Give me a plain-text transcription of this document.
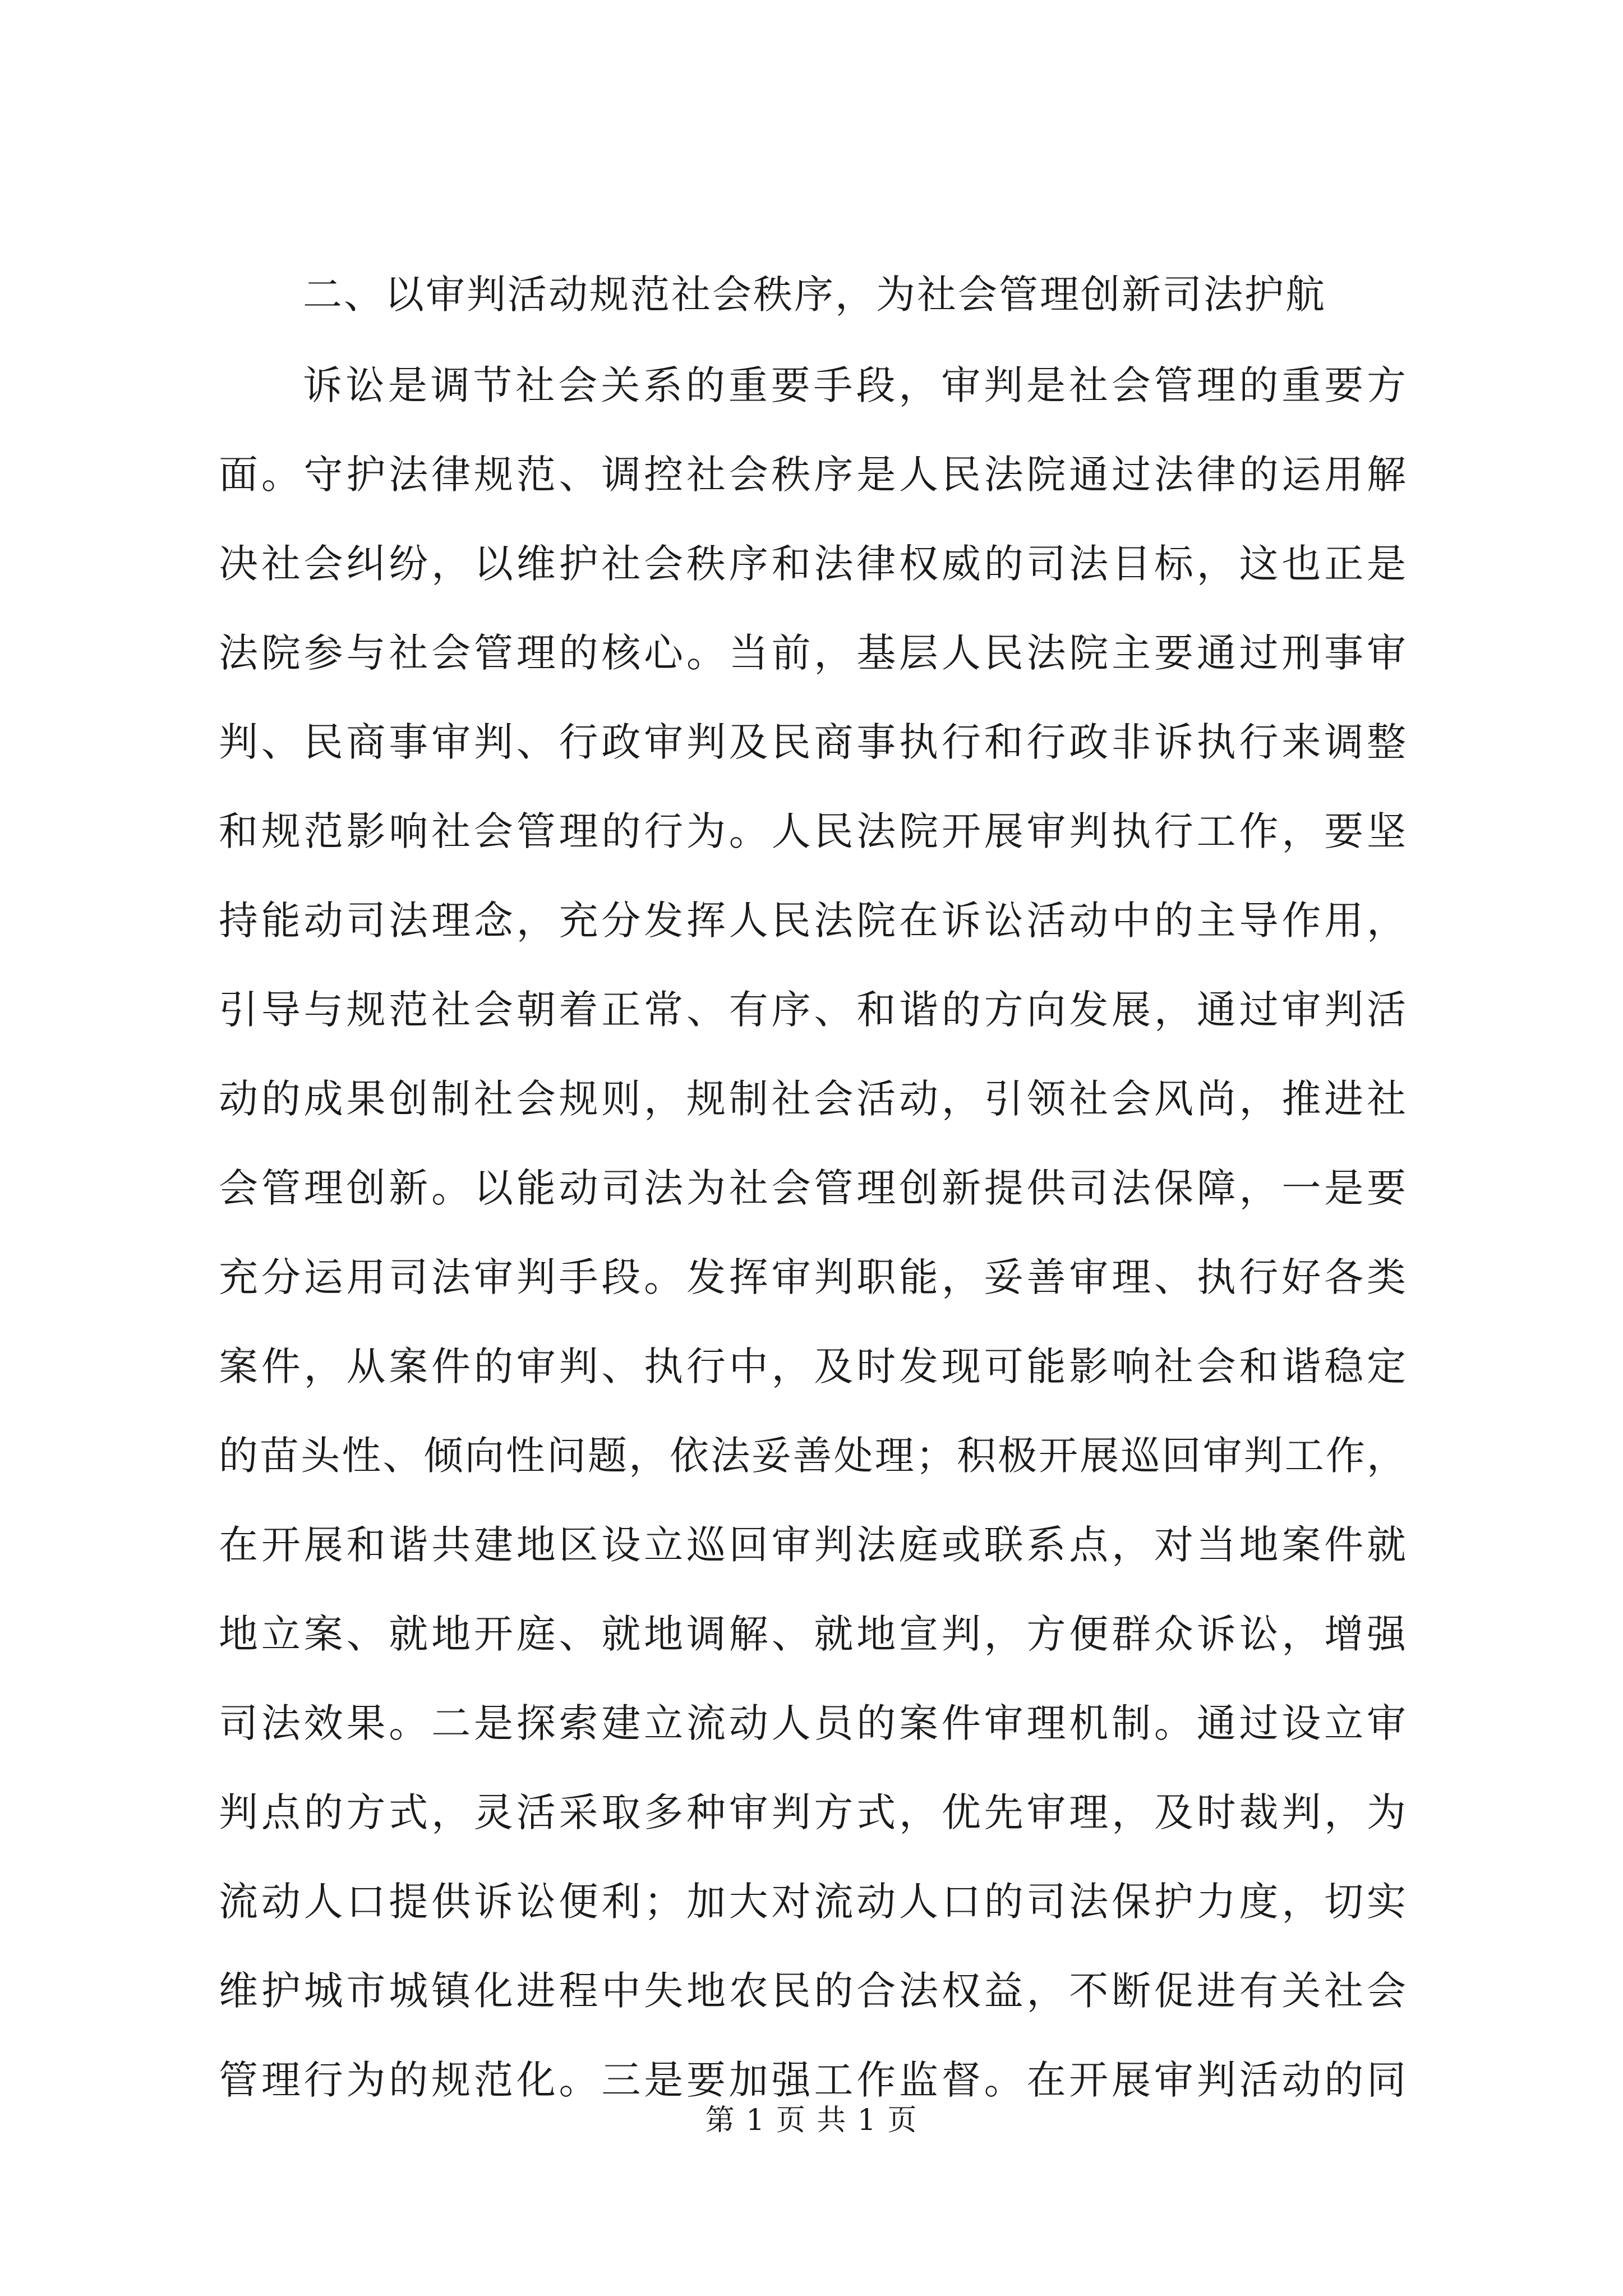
二、以审判活动规范社会秩序，为社会管理创新司法护航
诉讼是调节社会关系的重要手段，审判是社会管理的重要方
面。守护法律规范、调控社会秩序是人民法院通过法律的运用解
决社会纠纷，以维护社会秩序和法律权威的司法目标，这也正是
法院参与社会管理的核心。当前，基层人民法院主要通过刑事审
判、民商事审判、行政审判及民商事执行和行政非诉执行来调整
和规范影响社会管理的行为。人民法院开展审判执行工作，要坚
持能动司法理念，充分发挥人民法院在诉讼活动中的主导作用，
引导与规范社会朝着正常、有序、和谐的方向发展，通过审判活
动的成果创制社会规则，规制社会活动，引领社会风尚，推进社
会管理创新。以能动司法为社会管理创新提供司法保障，一是要
充分运用司法审判手段。发挥审判职能，妥善审理、执行好各类
案件，从案件的审判、执行中，及时发现可能影响社会和谐稳定
的苗头性、倾向性问题，依法妥善处理；积极开展巡回审判工作，
在开展和谐共建地区设立巡回审判法庭或联系点，对当地案件就
地立案、就地开庭、就地调解、就地宣判，方便群众诉讼，增强
司法效果。二是探索建立流动人员的案件审理机制。通过设立审
判点的方式，灵活采取多种审判方式，优先审理，及时裁判，为
流动人口提供诉讼便利；加大对流动人口的司法保护力度，切实
维护城市城镇化进程中失地农民的合法权益，不断促进有关社会
管理行为的规范化。三是要加强工作监督。在开展审判活动的同
第 1 页 共 1 页
